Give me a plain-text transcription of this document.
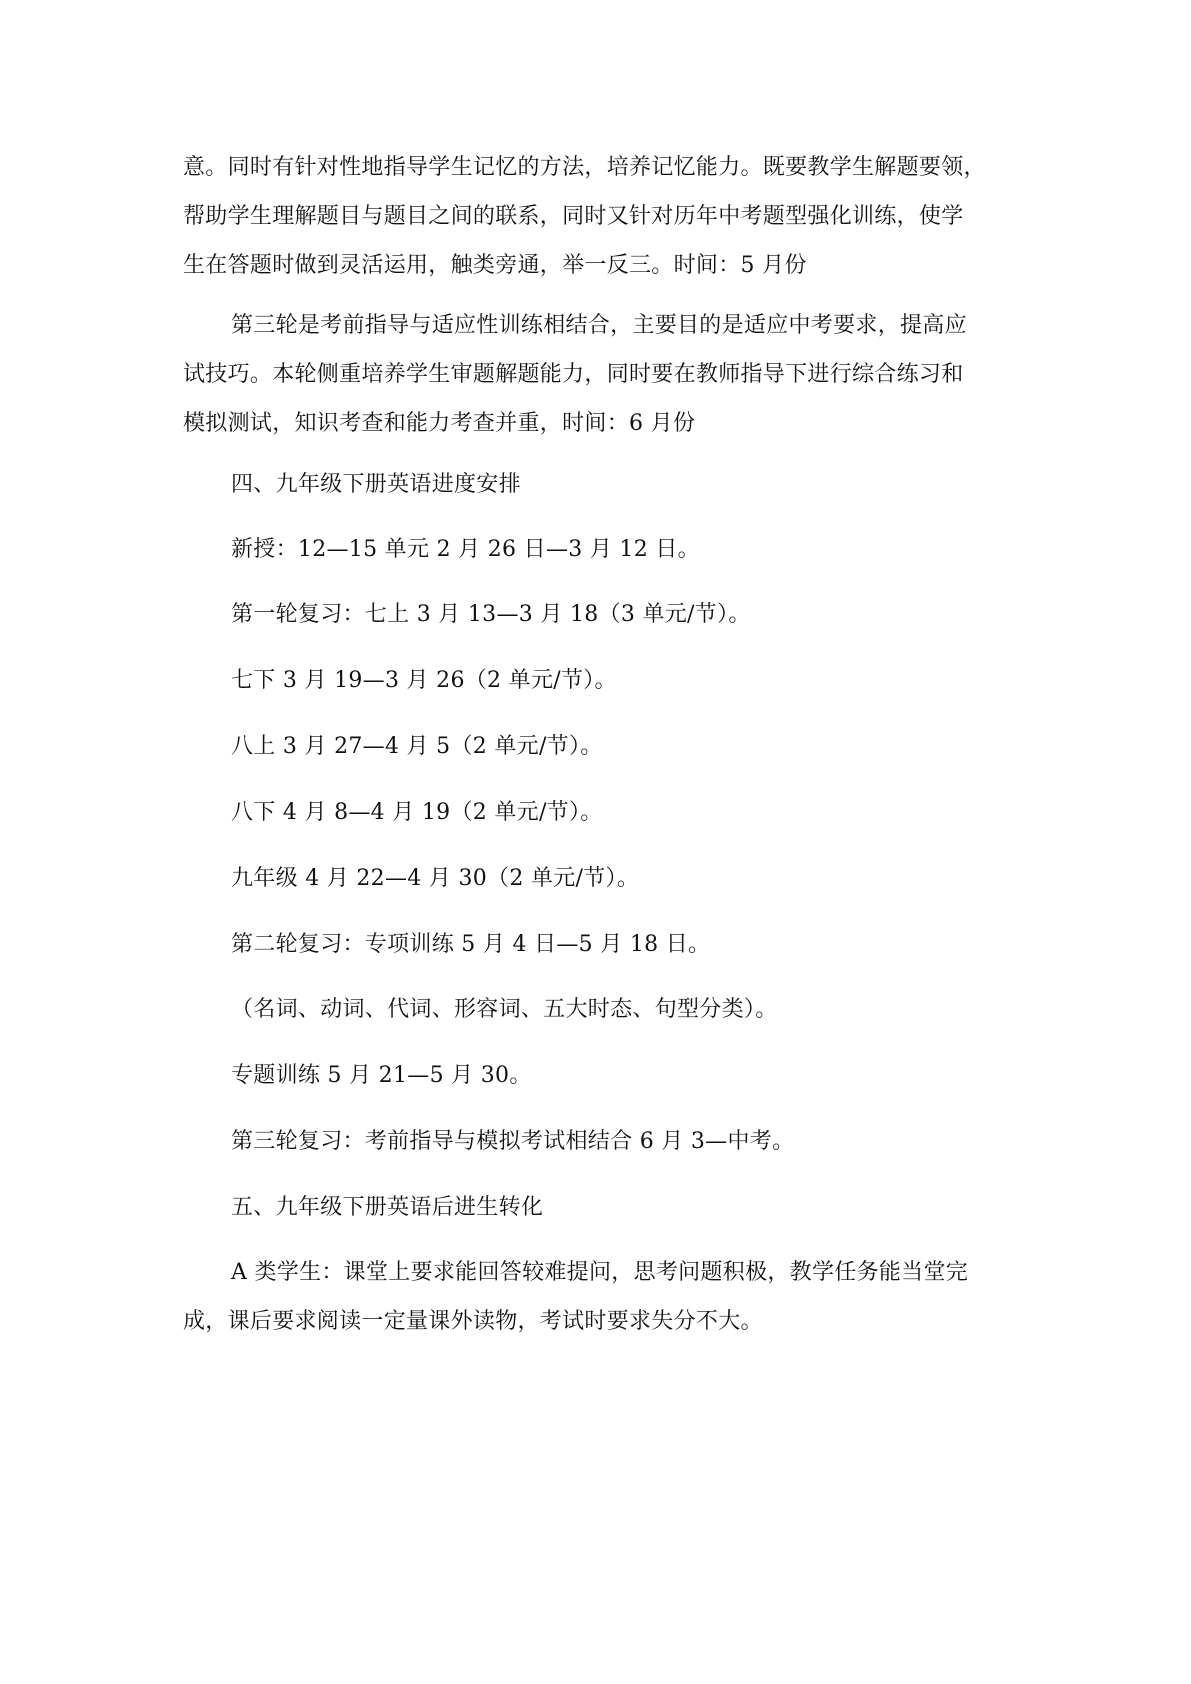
意。同时有针对性地指导学生记忆的方法，培养记忆能力。既要教学生解题要领，
帮助学生理解题目与题目之间的联系，同时又针对历年中考题型强化训练，使学
生在答题时做到灵活运用，触类旁通，举一反三。时间：5 月份

第三轮是考前指导与适应性训练相结合，主要目的是适应中考要求，提高应
试技巧。本轮侧重培养学生审题解题能力，同时要在教师指导下进行综合练习和
模拟测试，知识考查和能力考查并重，时间：6 月份

四、九年级下册英语进度安排

新授：12—15 单元 2 月 26 日—3 月 12 日。

第一轮复习：七上 3 月 13—3 月 18（3 单元/节）。

七下 3 月 19—3 月 26（2 单元/节）。

八上 3 月 27—4 月 5（2 单元/节）。

八下 4 月 8—4 月 19（2 单元/节）。

九年级 4 月 22—4 月 30（2 单元/节）。

第二轮复习：专项训练 5 月 4 日—5 月 18 日。

（名词、动词、代词、形容词、五大时态、句型分类）。

专题训练 5 月 21—5 月 30。

第三轮复习：考前指导与模拟考试相结合 6 月 3—中考。

五、九年级下册英语后进生转化

A 类学生：课堂上要求能回答较难提问，思考问题积极，教学任务能当堂完
成，课后要求阅读一定量课外读物，考试时要求失分不大。
